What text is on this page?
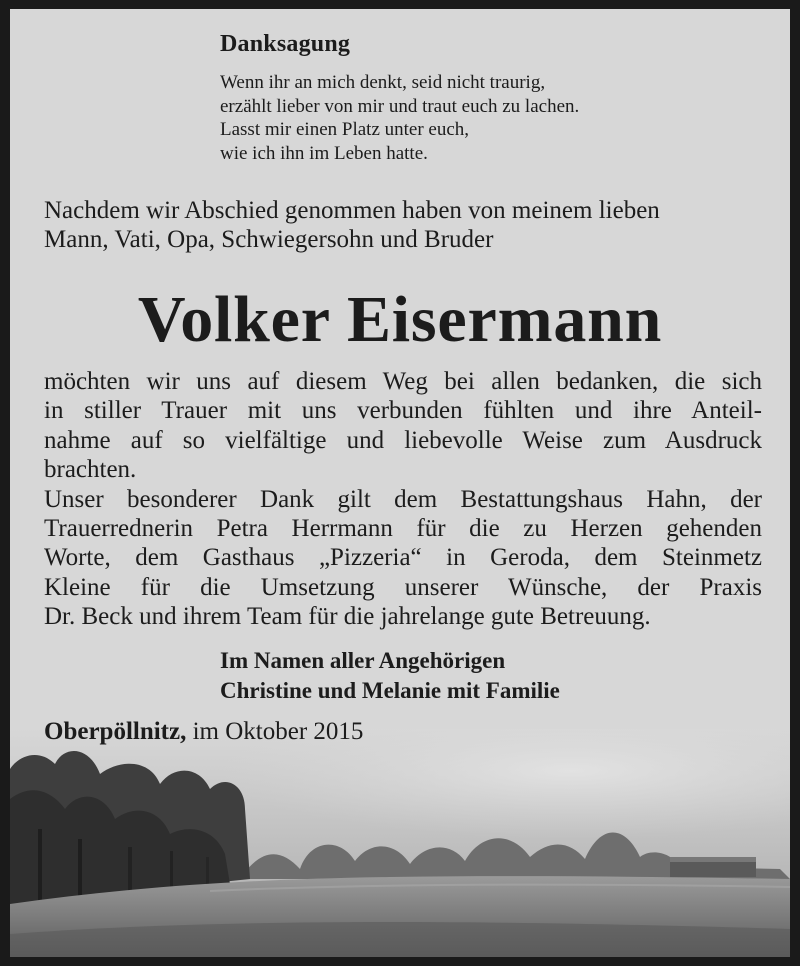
Danksagung
Wenn ihr an mich denkt, seid nicht traurig,
erzählt lieber von mir und traut euch zu lachen.
Lasst mir einen Platz unter euch,
wie ich ihn im Leben hatte.
Nachdem wir Abschied genommen haben von meinem lieben
Mann, Vati, Opa, Schwiegersohn und Bruder
Volker Eisermann
möchten wir uns auf diesem Weg bei allen bedanken, die sich
in stiller Trauer mit uns verbunden fühlten und ihre Anteil-
nahme auf so vielfältige und liebevolle Weise zum Ausdruck
brachten.
Unser besonderer Dank gilt dem Bestattungshaus Hahn, der
Trauerrednerin Petra Herrmann für die zu Herzen gehenden
Worte, dem Gasthaus „Pizzeria“ in Geroda, dem Steinmetz
Kleine für die Umsetzung unserer Wünsche, der Praxis
Dr. Beck und ihrem Team für die jahrelange gute Betreuung.
Im Namen aller Angehörigen
Christine und Melanie mit Familie
Oberpöllnitz, im Oktober 2015
